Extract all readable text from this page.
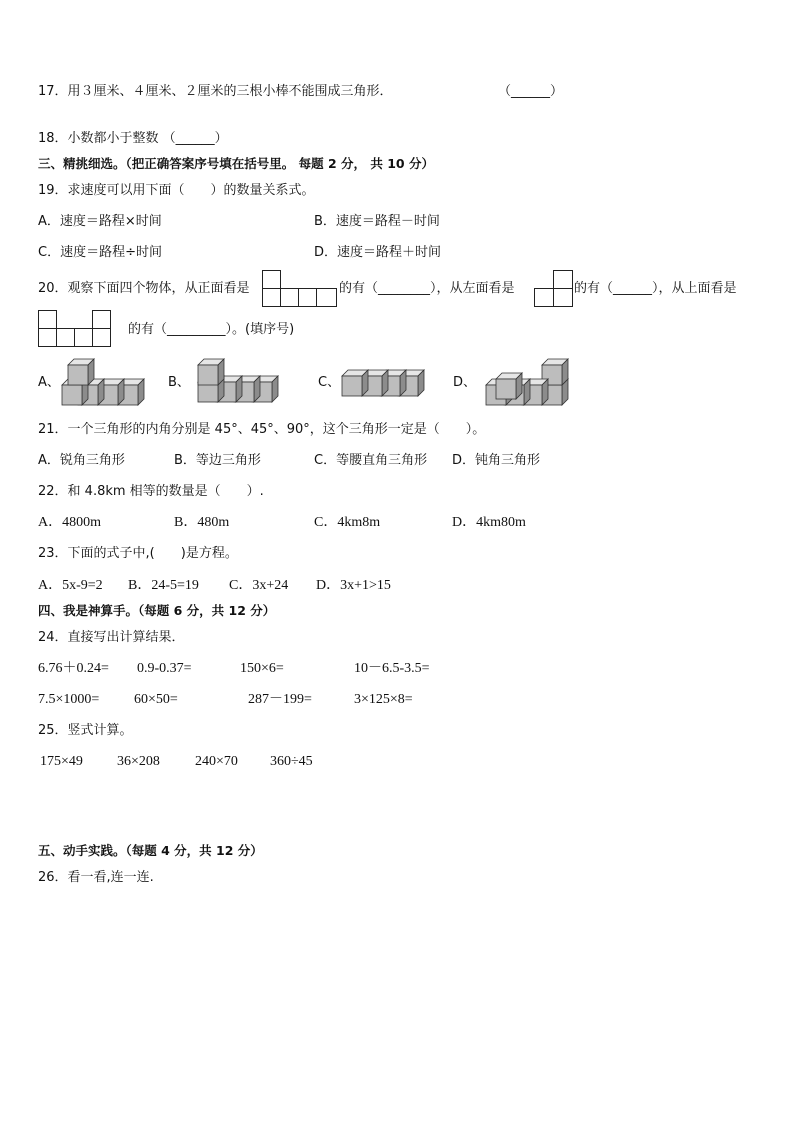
17．用３厘米、４厘米、２厘米的三根小棒不能围成三角形．	（______）
18．小数都小于整数 （______）
三、精挑细选。（把正确答案序号填在括号里。 每题 2 分， 共 10 分）
19．求速度可以用下面（　　）的数量关系式。
A．速度＝路程×时间	B．速度＝路程－时间
C．速度＝路程÷时间	D．速度＝路程＋时间
20．观察下面四个物体，从正面看是	的有（________），从左面看是	的有（______），从上面看是
的有（_________）。(填序号)
A、	B、	C、	D、
21．一个三角形的内角分别是 45°、45°、90°，这个三角形一定是（　　）。
A．锐角三角形	B．等边三角形	C．等腰直角三角形 D．钝角三角形
22．和 4.8km 相等的数量是（　　）.
A．4800m	B．480m	C．4km8m	D．4km80m
23．下面的式子中,(　　)是方程。
A．5x-9=2 B．24-5=19 C．3x+24 D．3x+1>15
四、我是神算手。（每题 6 分，共 12 分）
24．直接写出计算结果．
6.76＋0.24= 0.9-0.37=	150×6=	10－6.5-3.5=
7.5×1000= 60×50=	287－199=	3×125×8=
25．竖式计算。
175×49 36×208	240×70 360÷45
五、动手实践。（每题 4 分，共 12 分）
26．看一看,连一连.
